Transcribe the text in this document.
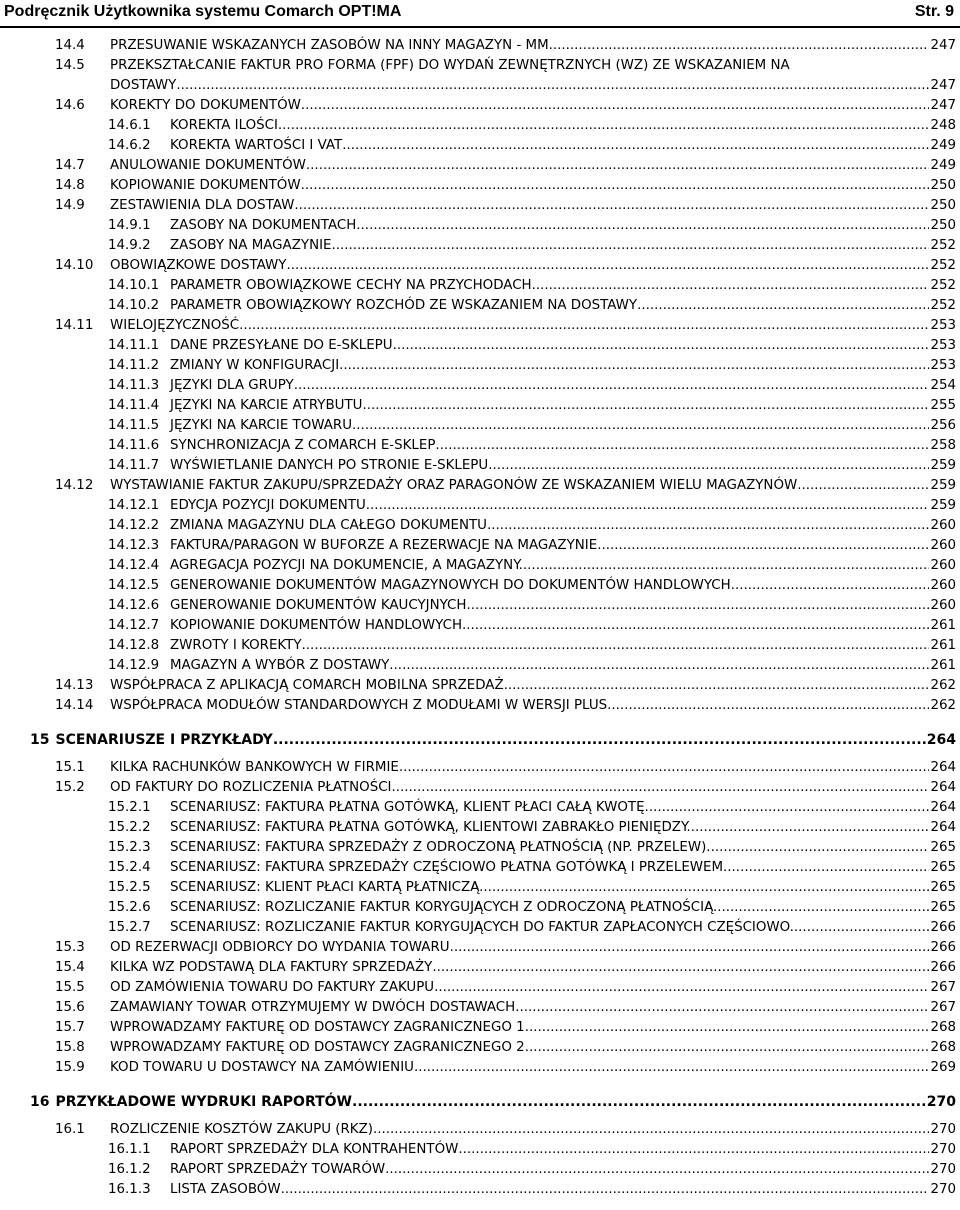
Podręcznik Użytkownika systemu Comarch OPT!MA	Str. 9
14.4	PRZESUWANIE WSKAZANYCH ZASOBÓW NA INNY MAGAZYN - MM .....	247
14.5	PRZEKSZTAŁCANIE FAKTUR PRO FORMA (FPF) DO WYDAŃ ZEWNĘTRZNYCH (WZ) ZE WSKAZANIEM NA
DOSTAWY .....	247
14.6	KOREKTY DO DOKUMENTÓW .....	247
14.6.1	KOREKTA ILOŚCI .....	248
14.6.2	KOREKTA WARTOŚCI I VAT .....	249
14.7	ANULOWANIE DOKUMENTÓW .....	249
14.8	KOPIOWANIE DOKUMENTÓW .....	250
14.9	ZESTAWIENIA DLA DOSTAW .....	250
14.9.1	ZASOBY NA DOKUMENTACH .....	250
14.9.2	ZASOBY NA MAGAZYNIE .....	252
14.10	OBOWIĄZKOWE DOSTAWY .....	252
14.10.1 PARAMETR OBOWIĄZKOWE CECHY NA PRZYCHODACH .....	252
14.10.2 PARAMETR OBOWIĄZKOWY ROZCHÓD ZE WSKAZANIEM NA DOSTAWY .....	252
14.11	WIELOJĘZYCZNOŚĆ .....	253
14.11.1 DANE PRZESYŁANE DO E-SKLEPU .....	253
14.11.2 ZMIANY W KONFIGURACJI .....	253
14.11.3 JĘZYKI DLA GRUPY .....	254
14.11.4 JĘZYKI NA KARCIE ATRYBUTU .....	255
14.11.5 JĘZYKI NA KARCIE TOWARU .....	256
14.11.6 SYNCHRONIZACJA Z COMARCH E-SKLEP .....	258
14.11.7 WYŚWIETLANIE DANYCH PO STRONIE E-SKLEPU .....	259
14.12	WYSTAWIANIE FAKTUR ZAKUPU/SPRZEDAŻY ORAZ PARAGONÓW ZE WSKAZANIEM WIELU MAGAZYNÓW .....	259
14.12.1 EDYCJA POZYCJI DOKUMENTU .....	259
14.12.2 ZMIANA MAGAZYNU DLA CAŁEGO DOKUMENTU .....	260
14.12.3 FAKTURA/PARAGON W BUFORZE A REZERWACJE NA MAGAZYNIE .....	260
14.12.4 AGREGACJA POZYCJI NA DOKUMENCIE, A MAGAZYNY. .....	260
14.12.5 GENEROWANIE DOKUMENTÓW MAGAZYNOWYCH DO DOKUMENTÓW HANDLOWYCH .....	260
14.12.6 GENEROWANIE DOKUMENTÓW KAUCYJNYCH .....	260
14.12.7 KOPIOWANIE DOKUMENTÓW HANDLOWYCH .....	261
14.12.8 ZWROTY I KOREKTY .....	261
14.12.9 MAGAZYN A WYBÓR Z DOSTAWY .....	261
14.13	WSPÓŁPRACA Z APLIKACJĄ COMARCH MOBILNA SPRZEDAŻ .....	262
14.14	WSPÓŁPRACA MODUŁÓW STANDARDOWYCH Z MODUŁAMI W WERSJI PLUS .....	262
15 SCENARIUSZE I PRZYKŁADY .....	264
15.1	KILKA RACHUNKÓW BANKOWYCH W FIRMIE .....	264
15.2	OD FAKTURY DO ROZLICZENIA PŁATNOŚCI .....	264
15.2.1	SCENARIUSZ: FAKTURA PŁATNA GOTÓWKĄ, KLIENT PŁACI CAŁĄ KWOTĘ. .....	264
15.2.2	SCENARIUSZ: FAKTURA PŁATNA GOTÓWKĄ, KLIENTOWI ZABRAKŁO PIENIĘDZY. .....	264
15.2.3	SCENARIUSZ: FAKTURA SPRZEDAŻY Z ODROCZONĄ PŁATNOŚCIĄ (NP. PRZELEW). .....	265
15.2.4	SCENARIUSZ: FAKTURA SPRZEDAŻY CZĘŚCIOWO PŁATNA GOTÓWKĄ I PRZELEWEM. .....	265
15.2.5	SCENARIUSZ: KLIENT PŁACI KARTĄ PŁATNICZĄ. .....	265
15.2.6	SCENARIUSZ: ROZLICZANIE FAKTUR KORYGUJĄCYCH Z ODROCZONĄ PŁATNOŚCIĄ. .....	265
15.2.7	SCENARIUSZ: ROZLICZANIE FAKTUR KORYGUJĄCYCH DO FAKTUR ZAPŁACONYCH CZĘŚCIOWO. .....	266
15.3	OD REZERWACJI ODBIORCY DO WYDANIA TOWARU .....	266
15.4	KILKA WZ PODSTAWĄ DLA FAKTURY SPRZEDAŻY .....	266
15.5	OD ZAMÓWIENIA TOWARU DO FAKTURY ZAKUPU .....	267
15.6	ZAMAWIANY TOWAR OTRZYMUJEMY W DWÓCH DOSTAWACH .....	267
15.7	WPROWADZAMY FAKTURĘ OD DOSTAWCY ZAGRANICZNEGO 1 .....	268
15.8	WPROWADZAMY FAKTURĘ OD DOSTAWCY ZAGRANICZNEGO 2 .....	268
15.9	KOD TOWARU U DOSTAWCY NA ZAMÓWIENIU .....	269
16 PRZYKŁADOWE WYDRUKI RAPORTÓW .....	270
16.1	ROZLICZENIE KOSZTÓW ZAKUPU (RKZ) .....	270
16.1.1	RAPORT SPRZEDAŻY DLA KONTRAHENTÓW .....	270
16.1.2	RAPORT SPRZEDAŻY TOWARÓW .....	270
16.1.3	LISTA ZASOBÓW .....	270
